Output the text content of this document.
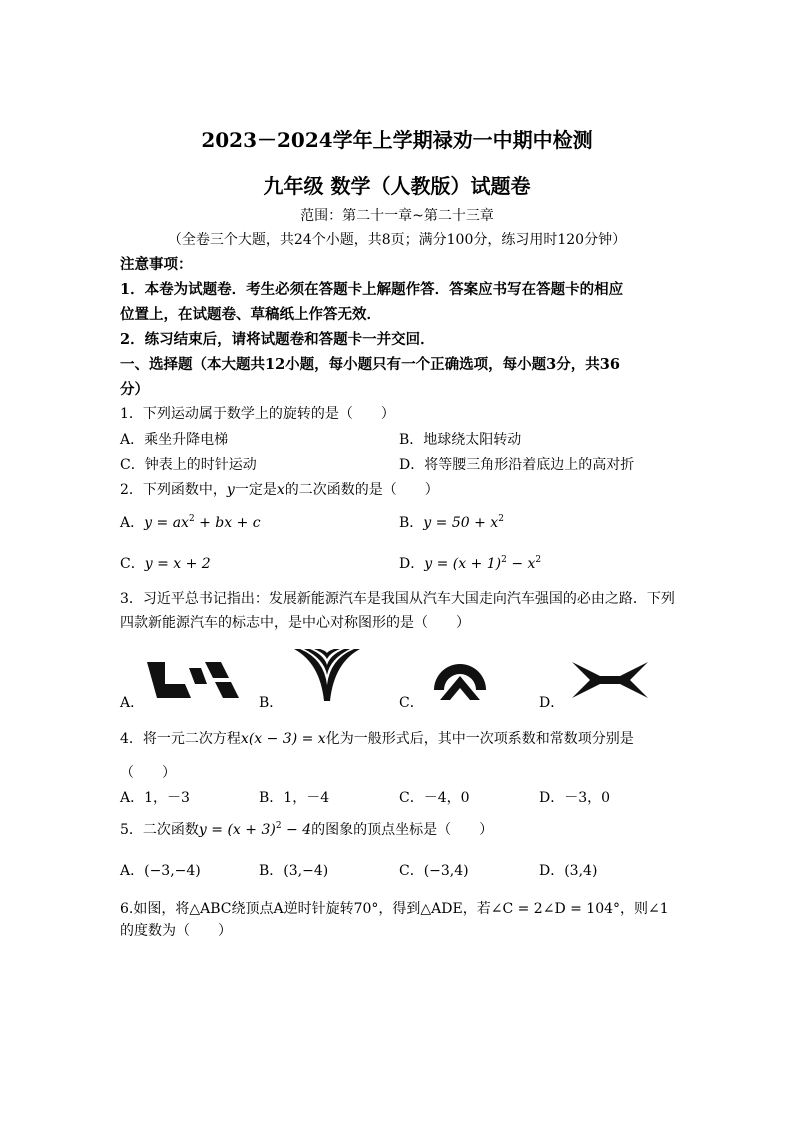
2023－2024学年上学期禄劝一中期中检测
九年级 数学（人教版）试题卷
范围：第二十一章~第二十三章
（全卷三个大题，共24个小题，共8页；满分100分，练习用时120分钟）
注意事项：
1．本卷为试题卷．考生必须在答题卡上解题作答．答案应书写在答题卡的相应
位置上，在试题卷、草稿纸上作答无效．
2．练习结束后，请将试题卷和答题卡一并交回．
一、选择题（本大题共12小题，每小题只有一个正确选项，每小题3分，共36
分）
1．下列运动属于数学上的旋转的是（　　）
A．乘坐升降电梯	B．地球绕太阳转动
C．钟表上的时针运动	D．将等腰三角形沿着底边上的高对折
2．下列函数中，y一定是x的二次函数的是（　　）
A．$y = ax^2$ + bx + c	B．$y = 50 + x^2$
C．y = x + 2	D．$y = (x + 1)^2 - x^2$
3．习近平总书记指出：发展新能源汽车是我国从汽车大国走向汽车强国的必由之路．下列
四款新能源汽车的标志中，是中心对称图形的是（　　）
A．	B．	C．	D．
4．将一元二次方程x(x − 3) = x化为一般形式后，其中一次项系数和常数项分别是
（　　）
A．1，－3	B．1，－4	C．－4，0	D．－3，0
5．二次函数$y = (x + 3)^2 - 4$的图象的顶点坐标是（　　）
A．(−3,−4)	B．(3,−4)	C．(−3,4)	D．(3,4)
6.如图，将△ABC绕顶点A逆时针旋转70°，得到△ADE，若∠C = 2∠D = 104°，则∠1
的度数为（　　）
